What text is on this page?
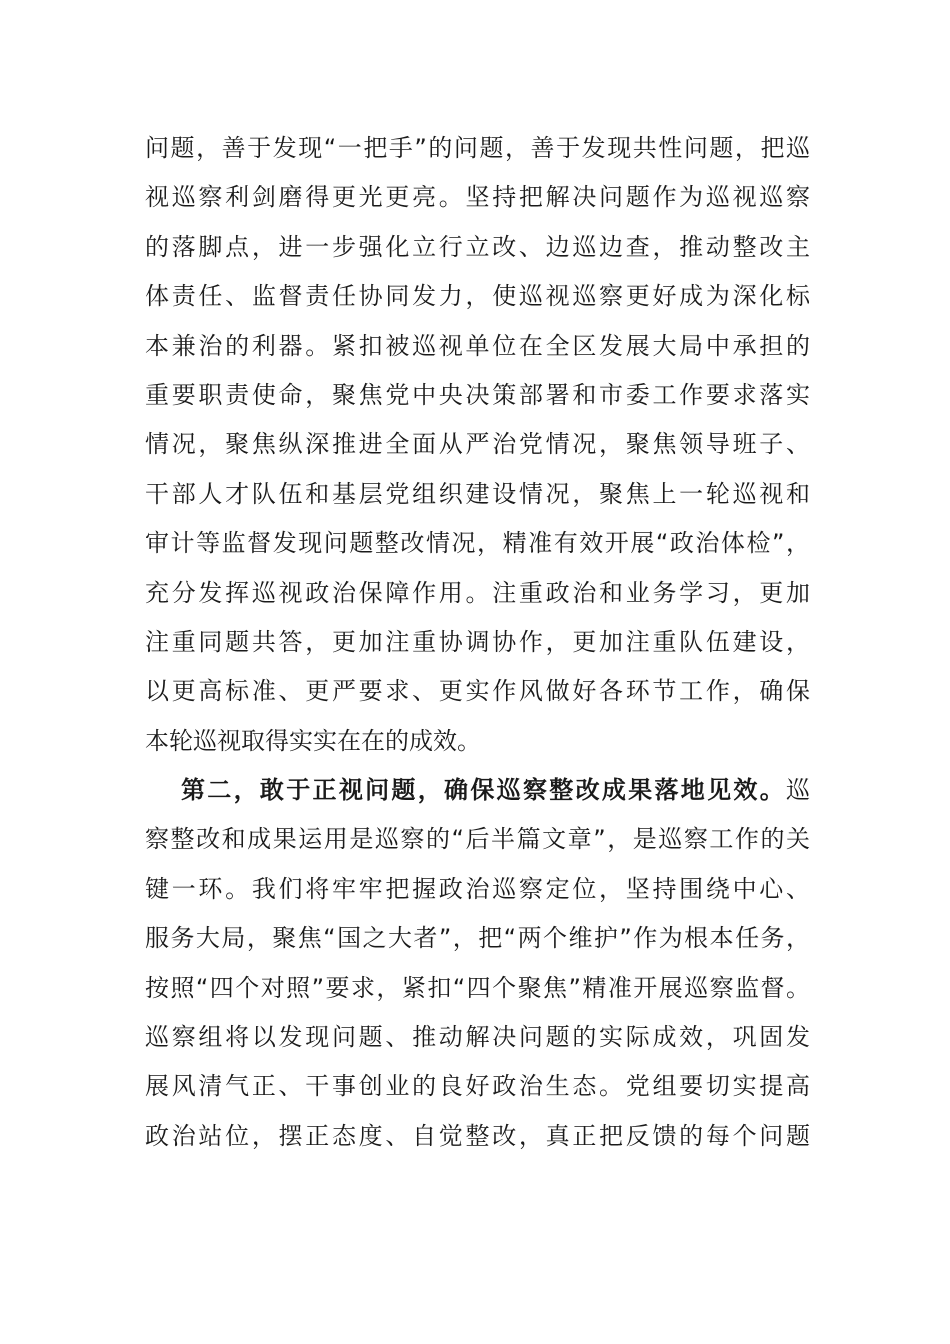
问题，善于发现“一把手”的问题，善于发现共性问题，把巡
视巡察利剑磨得更光更亮。坚持把解决问题作为巡视巡察
的落脚点，进一步强化立行立改、边巡边查，推动整改主
体责任、监督责任协同发力，使巡视巡察更好成为深化标
本兼治的利器。紧扣被巡视单位在全区发展大局中承担的
重要职责使命，聚焦党中央决策部署和市委工作要求落实
情况，聚焦纵深推进全面从严治党情况，聚焦领导班子、
干部人才队伍和基层党组织建设情况，聚焦上一轮巡视和
审计等监督发现问题整改情况，精准有效开展“政治体检”，
充分发挥巡视政治保障作用。注重政治和业务学习，更加
注重同题共答，更加注重协调协作，更加注重队伍建设，
以更高标准、更严要求、更实作风做好各环节工作，确保
本轮巡视取得实实在在的成效。
第二，敢于正视问题，确保巡察整改成果落地见效。巡
察整改和成果运用是巡察的“后半篇文章”，是巡察工作的关
键一环。我们将牢牢把握政治巡察定位，坚持围绕中心、
服务大局，聚焦“国之大者”，把“两个维护”作为根本任务，
按照“四个对照”要求，紧扣“四个聚焦”精准开展巡察监督。
巡察组将以发现问题、推动解决问题的实际成效，巩固发
展风清气正、干事创业的良好政治生态。党组要切实提高
政治站位，摆正态度、自觉整改，真正把反馈的每个问题
